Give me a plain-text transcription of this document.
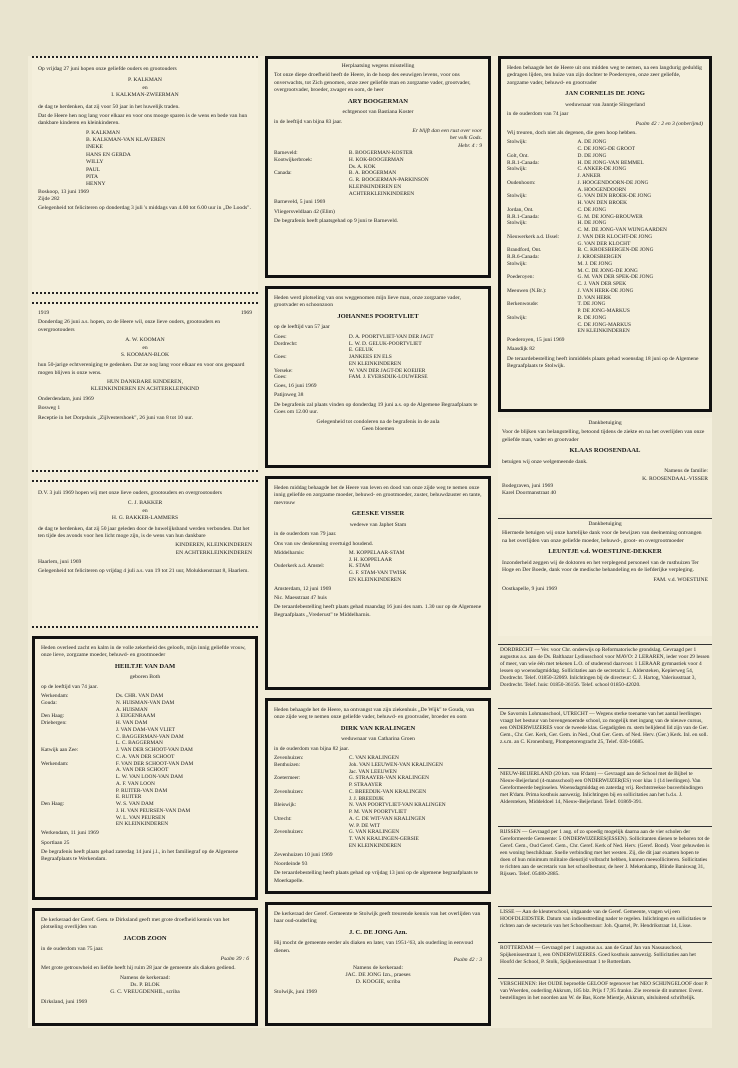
Op vrijdag 27 juni hopen onze geliefde ouders en grootouders
P. KALKMAN
en
I. KALKMAN-ZWEERMAN
de dag te herdenken, dat zij voor 50 jaar in het huwelijk traden.
Dat de Heere hen nog lang voor elkaar en voor ons mooge sparen is de wens en bede van hun dankbare kinderen en kleinkinderen.
P. KALKMAN
B. KALKMAN-VAN KLAVEREN
INEKE
HANS EN GERDA
WILLY
PAUL
PITA
HENNY
Boskoop, 13 juni 1969
Zijde 282
Gelegenheid tot feliciteren op donderdag 3 juli 's middags van 4.00 tot 6.00 uur in „De Loods".
1919	1969
Donderdag 26 juni a.s. hopen, zo de Heere wil, onze lieve ouders, grootouders en overgrootouders
A. W. KOOMAN
en
S. KOOMAN-BLOK
hun 50-jarige echtvereniging te gedenken. Dat ze nog lang voor elkaar en voor ons gespaard mogen blijven is onze wens.
HUN DANKBARE KINDEREN,
KLEINKINDEREN EN ACHTERKLEINKIND
Onderdendam, juni 1969
Bosweg 1
Receptie in het Dorpshuis „Zijlvestershoek", 26 juni van 8 tot 10 uur.
D.V. 3 juli 1969 hopen wij met onze lieve ouders, grootouders en overgrootouders
C. J. BAKKER
en
H. G. BAKKER-LAMMERS
de dag te herdenken, dat zij 50 jaar geleden door de huwelijksband werden verbonden. Dat het ten tijde des avonds voor hen licht moge zijn, is de wens van hun dankbare
KINDEREN, KLEINKINDEREN
EN ACHTERKLEINKINDEREN
Haarlem, juni 1969
Gelegenheid tot feliciteren op vrijdag 4 juli a.s. van 19 tot 21 uur, Molukkenstraat 8, Haarlem.
Heden overleed zacht en kalm in de volle zekerheid des geloofs, mijn innig geliefde vrouw, onze lieve, zorgzame moeder, behuwd- en grootmoeder
HEILTJE VAN DAM
geboren Both
op de leeftijd van 74 jaar.
Werkendam:	Ds. CHR. VAN DAM
Gouda:	N. HUISMAN-VAN DAM
	A. HUISMAN
Den Haag:	J. EIJGENRAAM
Driebergen:	H. VAN DAM
	J. VAN DAM-VAN VLIET
	C. BAGGERMAN-VAN DAM
	L. C. BAGGERMAN
Katwijk aan Zee:	J. VAN DER SCHOOT-VAN DAM
	C. A. VAN DER SCHOOT
Werkendam:	F. VAN DER SCHOOT-VAN DAM
	A. VAN DER SCHOOT
	L. W. VAN LOON-VAN DAM
	A. F. VAN LOON
	P. RUITER-VAN DAM
	E. RUITER
Den Haag:	W. S. VAN DAM
	J. H. VAN PEURSEN-VAN DAM
	W. L. VAN PEURSEN
	EN KLEINKINDEREN
Werkendam, 11 juni 1969
Sportlaan 25
De begrafenis heeft plaats gehad zaterdag 14 juni j.l., in het familiegraf op de Algemene Begraafplaats te Werkendam.
De kerkeraad der Geref. Gem. te Dirksland geeft met grote droefheid kennis van het plotseling overlijden van
JACOB ZOON
in de ouderdom van 75 jaar.
Psalm 39 : 6
Met grote getrouwheid en liefde heeft hij ruim 28 jaar de gemeente als diaken gediend.
Namens de kerkeraad:
Ds. P. BLOK
G. C. VREUGDENHIL, scriba
Dirksland, juni 1969
Herplaatsing wegens misstelling
Tot onze diepe droefheid heeft de Heere, in de hoop des eeuwigen levens, voor ons onverwachts, tot Zich genomen, onze zeer geliefde man en zorgzame vader, grootvader, overgrootvader, broeder, zwager en oom, de heer
ARY BOOGERMAN
echtgenoot van Bastiana Koster
in de leeftijd van bijna 83 jaar.
Er blijft dan een rust over voor
het volk Gods.
Hebr. 4 : 9
Barneveld:	B. BOOGERMAN-KOSTER
Kootwijkerbroek:	H. KOK-BOOGERMAN
	Ds. A. KOK
Canada:	B. A. BOOGERMAN
	G. R. BOOGERMAN-PARKINSON
	KLEINKINDEREN EN
	ACHTERKLEINKINDEREN
Barneveld, 5 juni 1969
Vliegersveldlaan 42 (Elim)
De begrafenis heeft plaatsgehad op 9 juni te Barneveld.
Heden werd plotseling van ons weggenomen mijn lieve man, onze zorgzame vader, grootvader en schoonzoon
JOHANNES POORTVLIET
op de leeftijd van 57 jaar
Goes:	D. A. POORTVLIET-VAN DER JAGT
Dordrecht:	L. W. D. GELUK-POORTVLIET
	E. GELUK
Goes:	JANKEES EN ELS
	EN KLEINKINDEREN
Yerseke:	W. VAN DER JAGT-DE KOEIJER
Goes:	FAM. J. EVERSDIJK-LOUWERSE
Goes, 16 juni 1969
Patijnweg 38
De begrafenis zal plaats vinden op donderdag 19 juni a.s. op de Algemene Begraafplaats te Goes om 12.00 uur.
Gelegenheid tot condoleren na de begrafenis in de aula
Geen bloemen
Heden middag behaagde het de Heere van leven en dood van onze zijde weg te nemen onze innig geliefde en zorgzame moeder, behuwd- en grootmoeder, zuster, behuwdzuster en tante, mevrouw
GEESKE VISSER
wedewe van Japhet Stam
in de ouderdom van 79 jaar.
Ons van uw denkenning overtuigd houdend.
Middelharnis:	M. KOPPELAAR-STAM
	J. H. KOPPELAAR
Ouderkerk a.d. Amstel:	K. STAM
	G. F. STAM-VAN TWISK
	EN KLEINKINDEREN
Amsterdam, 12 juni 1969
Nic. Maesstraat 47 huis
De teraardebestelling heeft plaats gehad maandag 16 juni des nam. 1.30 uur op de Algemene Begraafplaats „Vrederust" te Middelharnis.
Heden behaagde het de Heere, na ontvangst van zijn ziekenhuis „De Wijk" te Gouda, van onze zijde weg te nemen onze geliefde vader, behuwd- en grootvader, broeder en oom
DIRK VAN KRALINGEN
weduwnaar van Catharina Groen
in de ouderdom van bijna 82 jaar.
Zevenhuizen:	C. VAN KRALINGEN
Benthuizen:	Joh. VAN LEEUWEN-VAN KRALINGEN
	Jac. VAN LEEUWEN
Zoetermeer:	G. STRAAYER-VAN KRALINGEN
	P. STRAAYER
Zevenhuizen:	C. BREEDIJK-VAN KRALINGEN
	J. J. BREEDIJK
Bleiswijk:	N. VAN POORTVLIET-VAN KRALINGEN
	P. M. VAN POORTVLIET
Utrecht:	A. C. DE WIT-VAN KRALINGEN
	W. P. DE WIT
Zevenhuizen:	G. VAN KRALINGEN
	T. VAN KRALINGEN-GERSIE
	EN KLEINKINDEREN
Zevenhuizen 10 juni 1969
Noordeinde 93
De teraardebestelling heeft plaats gehad op vrijdag 13 juni op de algemene begraafplaats te Moerkapelle.
De kerkeraad der Geref. Gemeente te Stolwijk geeft treurende kennis van het overlijden van haar oud-ouderling
J. C. DE JONG Azn.
Hij mocht de gemeente eerder als diaken en later, van 1951-'63, als ouderling in eenvoud dienen.
Psalm 42 : 3
Namens de kerkeraad:
JAC. DE JONG Izn., praeses
D. KOOGIE, scriba
Stolwijk, juni 1969
Heden behaagde het de Heere uit ons midden weg te nemen, na een langdurig geduldig gedragen lijden, ten huize van zijn dochter te Poederoyen, onze zeer geliefde, zorgzame vader, behuwd- en grootvader
JAN CORNELIS DE JONG
weduwnaar van Janntje Slingerland
in de ouderdom van 74 jaar
Psalm 42 : 2 en 3 (onberijmd)
Wij treuren, doch niet als degenen, die geen hoop hebben.
Stolwijk:	A. DE JONG
	C. DE JONG-DE GROOT
Golt, Ont.	D. DE JONG
R.R.1-Canada:	H. DE JONG-VAN BEMMEL
Stolwijk:	C. ANKER-DE JONG
	J. ANKER
Oudenhoorn:	J. HOOGENDOORN-DE JONG
	A. HOOGENDOORN
Stolwijk:	G. VAN DEN BROEK-DE JONG
	H. VAN DEN BROEK
Jordan, Ont.	C. DE JONG
R.R.1-Canada:	G. M. DE JONG-BROUWER
Stolwijk:	H. DE JONG
	C. M. DE JONG-VAN WIJNGAARDEN
Nieuwerkerk a.d. IJssel:	J. VAN DER KLOCHT-DE JONG
	G. VAN DER KLOCHT
Brandford, Ont.	B. C. KROESBERGEN-DE JONG
R.R.6-Canada:	J. KROESBERGEN
Stolwijk:	M. J. DE JONG
	M. C. DE JONG-DE JONG
Poederoyen:	G. M. VAN DER SPEK-DE JONG
	C. J. VAN DER SPEK
Meeuwen (N.Br.):	J. VAN HERK-DE JONG
	D. VAN HERK
Berkenwoude:	T. DE JONG
	P. DE JONG-MARKUS
Stolwijk:	R. DE JONG
	C. DE JONG-MARKUS
	EN KLEINKINDEREN
Poederoyen, 15 juni 1969
Maasdijk 82
De teraardebestelling heeft inmiddels plaats gehad woensdag 18 juni op de Algemene Begraafplaats te Stolwijk.
Dankbetuiging
Voor de blijken van belangstelling, betoond tijdens de ziekte en na het overlijden van onze geliefde man, vader en grootvader
KLAAS ROOSENDAAL
betuigen wij onze welgemeende dank.
Namens de familie:
K. ROOSENDAAL-VISSER
Bodegraven, juni 1969
Karel Doormanstraat 40
Dankbetuiging
Hiermede betuigen wij onze hartelijke dank voor de bewijzen van deelneming ontvangen na het overlijden van onze geliefde moeder, behuwd-, groot- en overgrootmoeder
LEUNTJE v.d. WOESTIJNE-DEKKER
Inzonderheid zeggen wij de doktoren en het verplegend personeel van de rusthuizen Ter Hoge en Der Boede, dank voor de medische behandeling en de liefderijke verpleging.
FAM. v.d. WOESTIJNE
Oostkapelle, 9 juni 1969
DORDRECHT — Ver. voor Chr. onderwijs op Reformatorische grondslag. Gevraagd per 1 augustus a.s. aan de Ds. Balthazar Lydiusschool voor MAVO: 2 LERAREN, ieder voor 29 lessen of meer, van wie één met tekenen L.O. of studerend daarvoor. 1 LERAAR gymnastiek voor 4 lessen op woensdagmiddag. Sollicitaties aan de secretaris: L. Aldersteken, Kepierweg 54, Dordrecht. Telef. 01850-32069. Inlichtingen bij de directeur: C. J. Hartog, Valeriusstraat 3, Dordrecht. Telef. huis: 01850-36156. Telef. school 01850-42020.
De Savornin Lohmanschool, UTRECHT — Wegens sterke toename van het aantal leerlingen vraagt het bestuur van bovengenoemde school, zo mogelijk met ingang van de nieuwe cursus, een ONDERWIJZERES voor de tweede klas. Gegadigden m. stem belijdend lid zijn van de Ger. Gem., Chr. Ger. Kerk, Ger. Gem. in Ned., Oud Ger. Gem. of Ned. Herv. (Ger.) Kerk. Inl. en soll. z.s.m. an C. Kronenburg, Plompetorengracht 25, Telef. 030-16685.
NIEUW-BEIJERLAND (20 km. van R'dam) — Gevraagd aan de School met de Bijbel te Nieuw-Beijerland (4-mansschool) een ONDERWIJZER(ES) voor klas 1 (14 leerlingen). Van Gereformeerde beginselen. Woensdagmiddag en zaterdag vrij. Rechtstreekse busverbindingen met R'dam. Prima kosthuis aanwezig. Inlichtingen bij en sollicitaties aan het h.d.s. J. Aldersteken, Middeldoel 14, Nieuw-Beijerland. Telef. 01869-391.
RIJSSEN — Gevraagd per 1 aug. of zo spoedig mogelijk daarna aan de vier scholen der Gereformeerde Gemeente: 5 ONDERWIJZERES(ESSEN). Sollicitanten dienen te behoren tot de Geref. Gem., Oud Geref. Gem., Chr. Geref. Kerk of Ned. Herv. (Geref. Bond). Voor gehuwden is een woning beschikbaar. Snelle verbinding met het westen. Zij, die dit jaar examen hopen te doen of hun minimum militaire dienstijd volbracht hebben, kunnen meesolliciteren. Sollicitaties te richten aan de secretaris van het schoolbestuur, de heer J. Mekenkamp, Blinde Baniswag 31, Rijssen. Telef. 05480-2885.
LISSE — Aan de kleuterschool, uitgaande van de Geref. Gemeente, vragen wij een HOOFDLEIDSTER. Datum van indiensttreding nader te regelen. Inlichtingen en sollicitaties te richten aan de secretaris van het Schoolbestuur: Joh. Quartel, Pr. Hendrikstraat 14, Lisse.
ROTTERDAM — Gevraagd per 1 augustus a.s. aan de Graaf Jan van Nassauschool, Spijkenissestraat 1, een ONDERWIJZERES. Goed kosthuis aanwezig. Sollicitaties aan het Hoofd der School, P. Stolk, Spijkenissestraat 1 te Rotterdam.
VERSCHENEN: Het OUDE beproefde GELOOF tegenover het NEO SCHIJNGELOOF door P. van Woerden, ouderling Akkrum, 185 blz. Prijs f 7,95 franko. Zie recensie dit nummer. Event. bestellingen in het noorden aan W. de Bas, Korte Mientje, Akkrum, uitsluitend schriftelijk.
